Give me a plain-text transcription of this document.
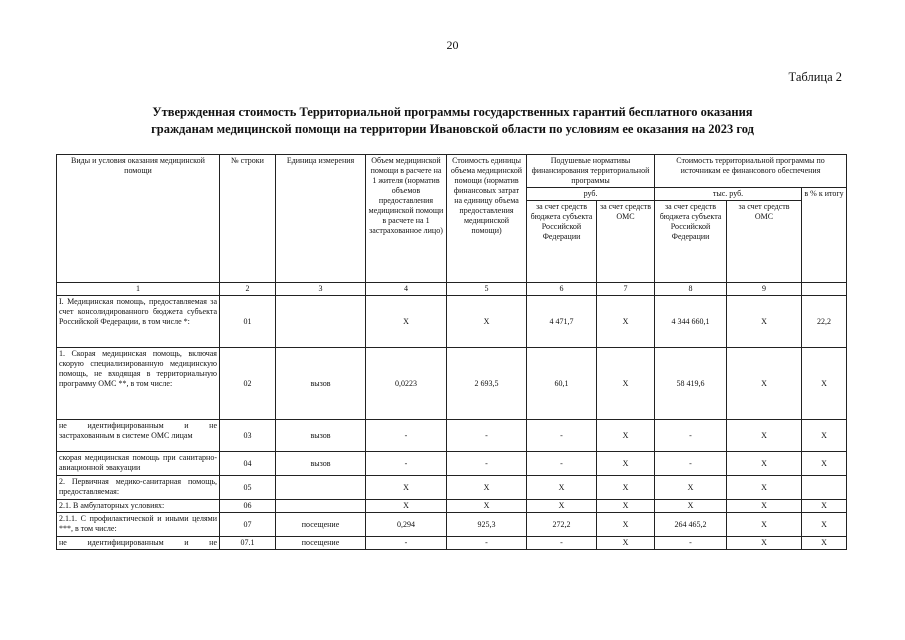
20
Таблица 2
Утвержденная стоимость Территориальной программы государственных гарантий бесплатного оказания
гражданам медицинской помощи на территории Ивановской области по условиям ее оказания на 2023 год
Виды и условия оказания медицинской помощи	№ строки	Единица измерения	Объем медицинской помощи в расчете на 1 жителя (норматив объемов предоставления медицинской помощи в расчете на 1 застрахованное лицо)	Стоимость единицы объема медицинской помощи (норматив финансовых затрат на единицу объема предоставления медицинской помощи)	Подушевые нормативы финансирования территориальной программы		Стоимость территориальной программы по источникам ее финансового обеспечения		
					руб.		тыс. руб.		в % к итогу
					за счет средств бюджета субъекта Российской Федерации	за счет средств ОМС	за счет средств бюджета субъекта Российской Федерации	за счет средств ОМС	
1	2	3	4	5	6	7	8	9	
I. Медицинская помощь, предоставляемая за счет консолидированного бюджета субъекта Российской Федерации, в том числе *:	01		X	X	4 471,7	X	4 344 660,1	X	22,2
1. Скорая медицинская помощь, включая скорую специализированную медицинскую помощь, не входящая в территориальную программу ОМС **, в том числе:	02	вызов	0,0223	2 693,5	60,1	X	58 419,6	X	X
не идентифицированным и не застрахованным в системе ОМС лицам	03	вызов	-	-	-	X	-	X	X
скорая медицинская помощь при санитарно-авиационной эвакуации	04	вызов	-	-	-	X	-	X	X
2. Первичная медико-санитарная помощь, предоставляемая:	05		X	X	X	X	X	X	
2.1. В амбулаторных условиях:	06		X	X	X	X	X	X	X
2.1.1. С профилактической и иными целями ***, в том числе:	07	посещение	0,294	925,3	272,2	X	264 465,2	X	X
не идентифицированным и не	07.1	посещение	-	-	-	X	-	X	X
